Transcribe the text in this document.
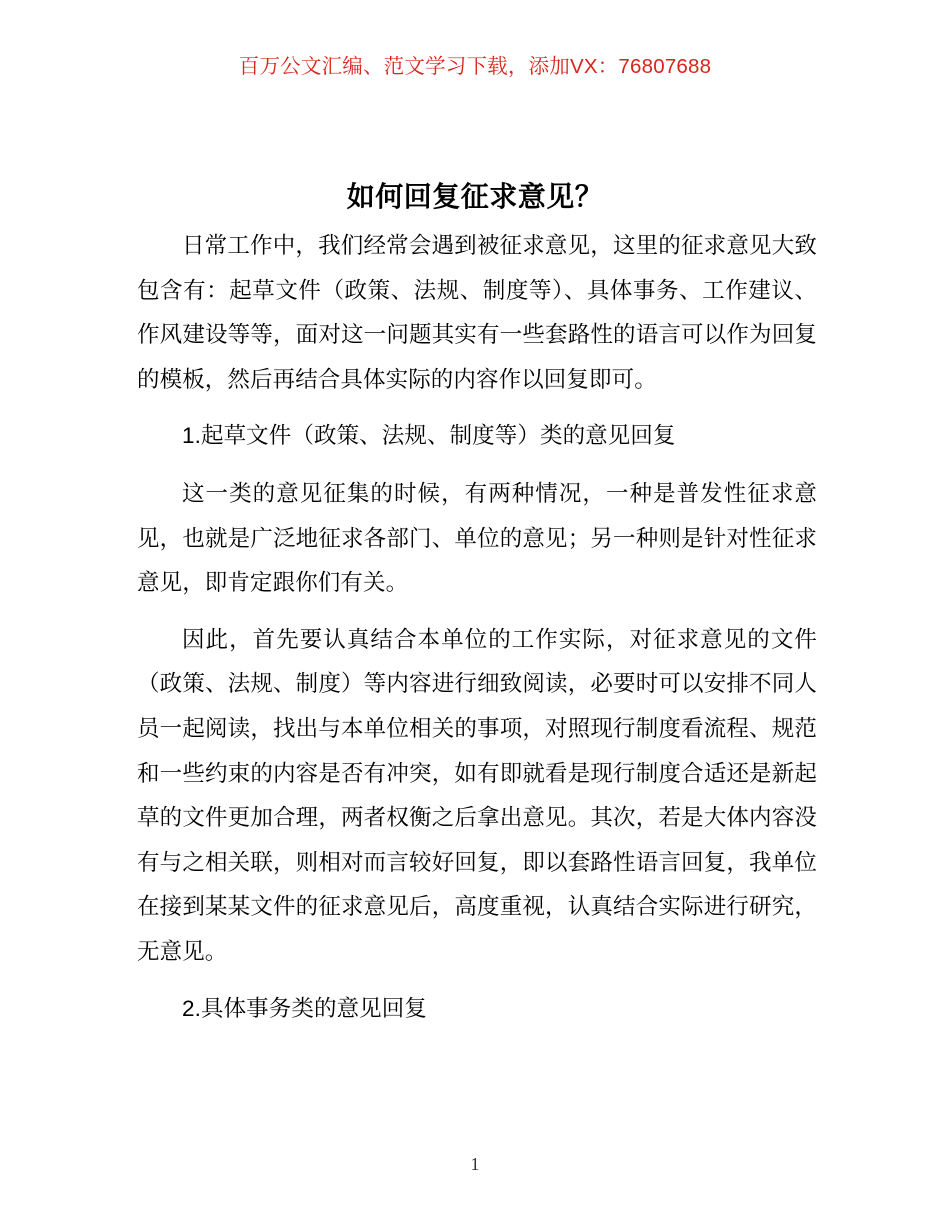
百万公文汇编、范文学习下载，添加VX：76807688
如何回复征求意见？

日常工作中，我们经常会遇到被征求意见，这里的征求意见大致包含有：起草文件（政策、法规、制度等）、具体事务、工作建议、作风建设等等，面对这一问题其实有一些套路性的语言可以作为回复的模板，然后再结合具体实际的内容作以回复即可。

1.起草文件（政策、法规、制度等）类的意见回复

这一类的意见征集的时候，有两种情况，一种是普发性征求意见，也就是广泛地征求各部门、单位的意见；另一种则是针对性征求意见，即肯定跟你们有关。

因此，首先要认真结合本单位的工作实际，对征求意见的文件（政策、法规、制度）等内容进行细致阅读，必要时可以安排不同人员一起阅读，找出与本单位相关的事项，对照现行制度看流程、规范和一些约束的内容是否有冲突，如有即就看是现行制度合适还是新起草的文件更加合理，两者权衡之后拿出意见。其次，若是大体内容没有与之相关联，则相对而言较好回复，即以套路性语言回复，我单位在接到某某文件的征求意见后，高度重视，认真结合实际进行研究，无意见。

2.具体事务类的意见回复

1
